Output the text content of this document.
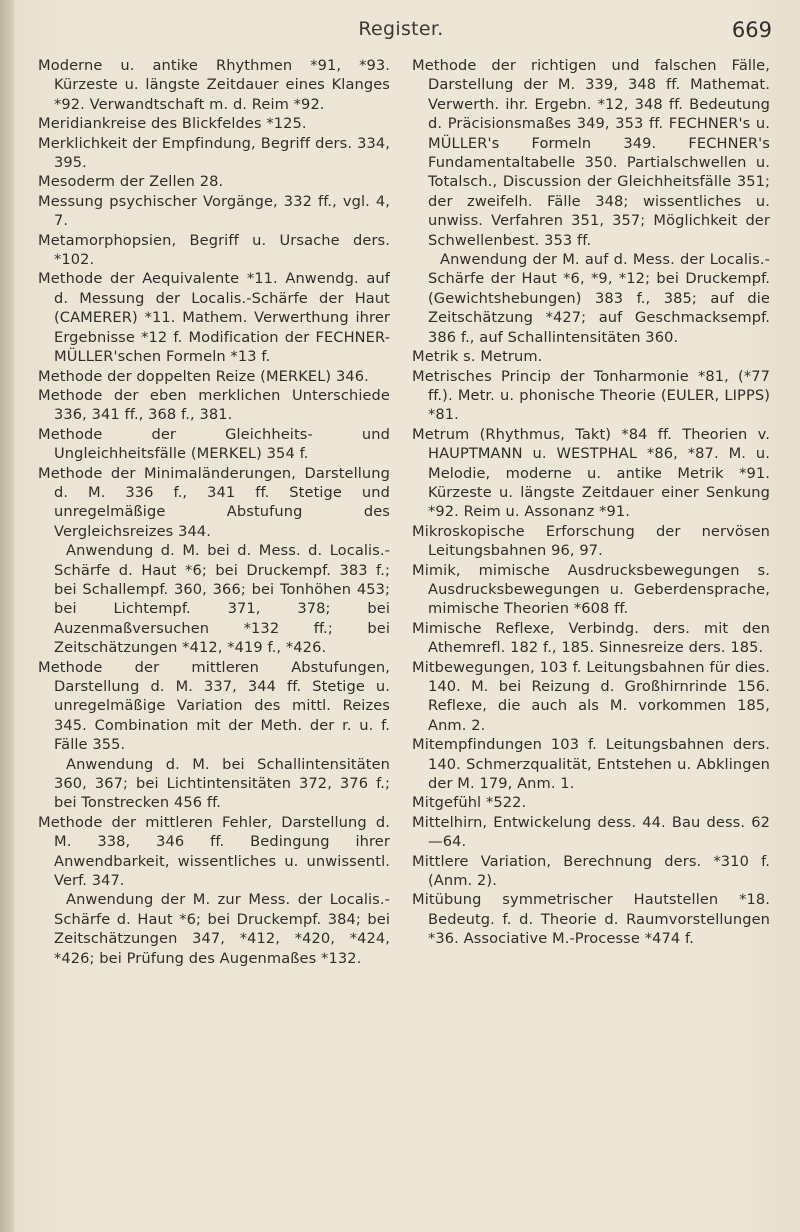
Register.	669

Moderne u. antike Rhythmen *91, *93. Kürzeste u. längste Zeitdauer eines Klanges *92. Verwandtschaft m. d. Reim *92.

Meridiankreise des Blickfeldes *125.

Merklichkeit der Empfindung, Begriff ders. 334, 395.

Mesoderm der Zellen 28.

Messung psychischer Vorgänge, 332 ff., vgl. 4, 7.

Metamorphopsien, Begriff u. Ursache ders. *102.

Methode der Aequivalente *11. Anwendg. auf d. Messung der Localis.-Schärfe der Haut (CAMERER) *11. Mathem. Verwerthung ihrer Ergebnisse *12 f. Modification der FECHNER-MÜLLER'schen Formeln *13 f.

Methode der doppelten Reize (MERKEL) 346.

Methode der eben merklichen Unterschiede 336, 341 ff., 368 f., 381.

Methode der Gleichheits- und Ungleichheitsfälle (MERKEL) 354 f.

Methode der Minimaländerungen, Darstellung d. M. 336 f., 341 ff. Stetige und unregelmäßige Abstufung des Vergleichsreizes 344.

Anwendung d. M. bei d. Mess. d. Localis.-Schärfe d. Haut *6; bei Druckempf. 383 f.; bei Schallempf. 360, 366; bei Tonhöhen 453; bei Lichtempf. 371, 378; bei Auzenmaßversuchen *132 ff.; bei Zeitschätzungen *412, *419 f., *426.

Methode der mittleren Abstufungen, Darstellung d. M. 337, 344 ff. Stetige u. unregelmäßige Variation des mittl. Reizes 345. Combination mit der Meth. der r. u. f. Fälle 355.

Anwendung d. M. bei Schallintensitäten 360, 367; bei Lichtintensitäten 372, 376 f.; bei Tonstrecken 456 ff.

Methode der mittleren Fehler, Darstellung d. M. 338, 346 ff. Bedingung ihrer Anwendbarkeit, wissentliches u. unwissentl. Verf. 347.

Anwendung der M. zur Mess. der Localis.-Schärfe d. Haut *6; bei Druckempf. 384; bei Zeitschätzungen 347, *412, *420, *424, *426; bei Prüfung des Augenmaßes *132.

Methode der richtigen und falschen Fälle, Darstellung der M. 339, 348 ff. Mathemat. Verwerth. ihr. Ergebn. *12, 348 ff. Bedeutung d. Präcisionsmaßes 349, 353 ff. FECHNER's u. MÜLLER's Formeln 349. FECHNER's Fundamentaltabelle 350. Partialschwellen u. Totalsch., Discussion der Gleichheitsfälle 351; der zweifelh. Fälle 348; wissentliches u. unwiss. Verfahren 351, 357; Möglichkeit der Schwellenbest. 353 ff.

Anwendung der M. auf d. Mess. der Localis.-Schärfe der Haut *6, *9, *12; bei Druckempf. (Gewichtshebungen) 383 f., 385; auf die Zeitschätzung *427; auf Geschmacksempf. 386 f., auf Schallintensitäten 360.

Metrik s. Metrum.

Metrisches Princip der Tonharmonie *81, (*77 ff.). Metr. u. phonische Theorie (EULER, LIPPS) *81.

Metrum (Rhythmus, Takt) *84 ff. Theorien v. HAUPTMANN u. WESTPHAL *86, *87. M. u. Melodie, moderne u. antike Metrik *91. Kürzeste u. längste Zeitdauer einer Senkung *92. Reim u. Assonanz *91.

Mikroskopische Erforschung der nervösen Leitungsbahnen 96, 97.

Mimik, mimische Ausdrucksbewegungen s. Ausdrucksbewegungen u. Geberdensprache, mimische Theorien *608 ff.

Mimische Reflexe, Verbindg. ders. mit den Athemrefl. 182 f., 185. Sinnesreize ders. 185.

Mitbewegungen, 103 f. Leitungsbahnen für dies. 140. M. bei Reizung d. Großhirnrinde 156. Reflexe, die auch als M. vorkommen 185, Anm. 2.

Mitempfindungen 103 f. Leitungsbahnen ders. 140. Schmerzqualität, Entstehen u. Abklingen der M. 179, Anm. 1.

Mitgefühl *522.

Mittelhirn, Entwickelung dess. 44. Bau dess. 62—64.

Mittlere Variation, Berechnung ders. *310 f. (Anm. 2).

Mitübung symmetrischer Hautstellen *18. Bedeutg. f. d. Theorie d. Raumvorstellungen *36. Associative M.-Processe *474 f.
